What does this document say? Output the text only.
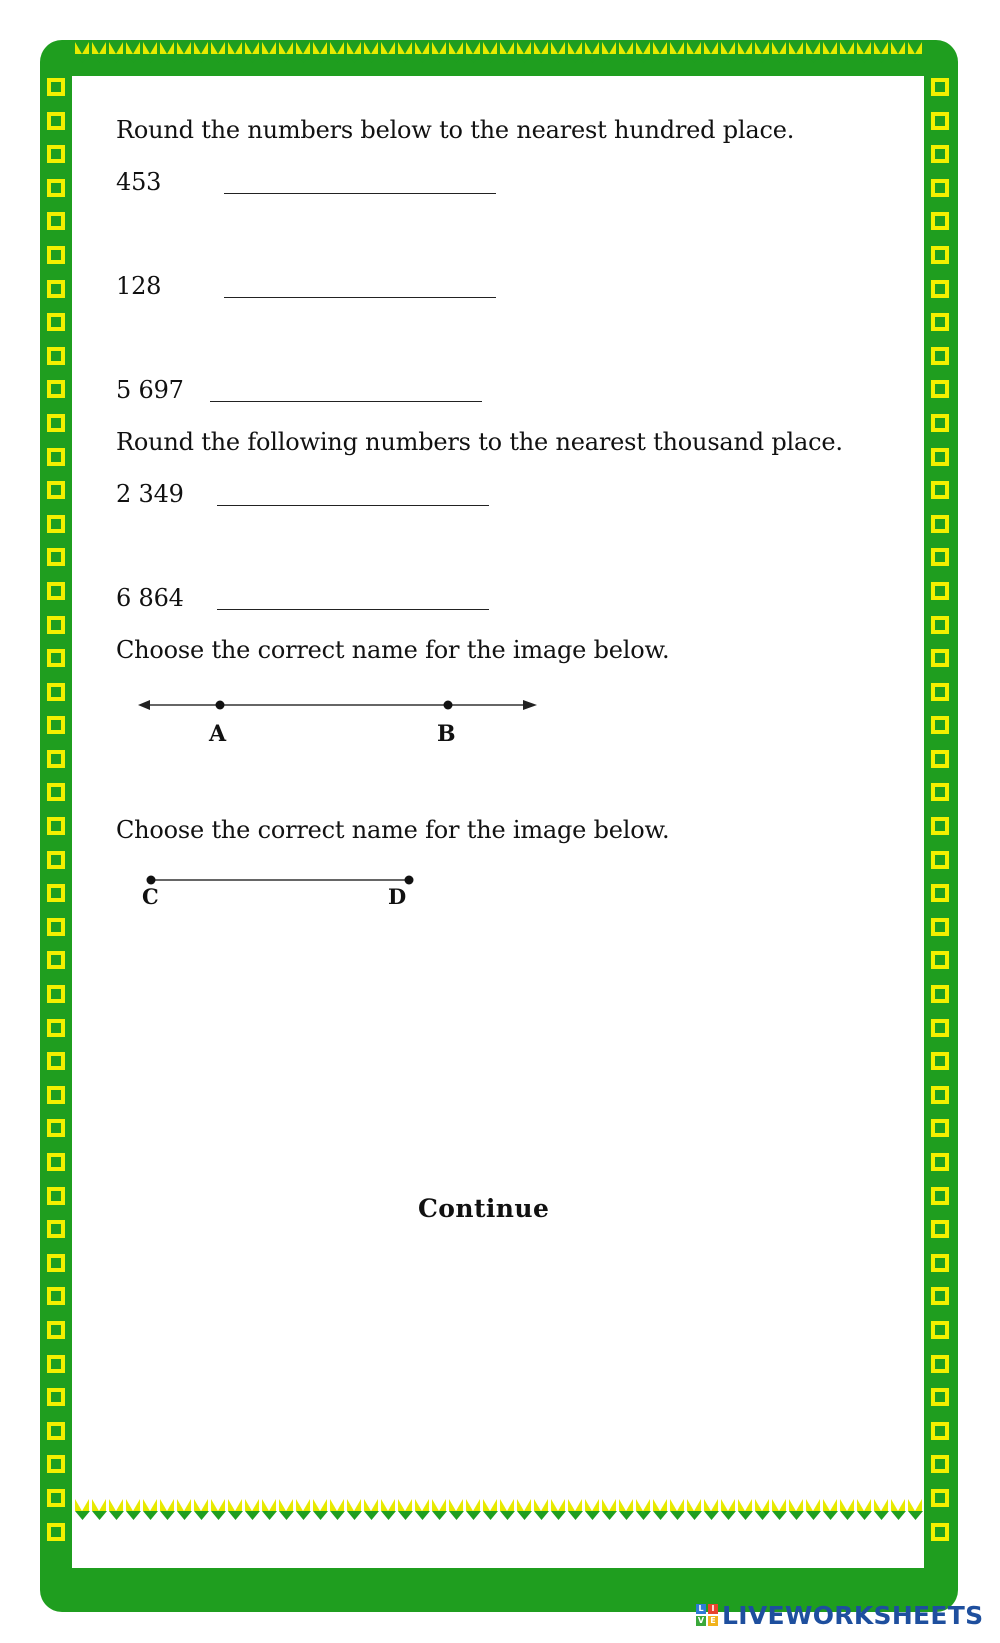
Round the numbers below to the nearest hundred place.
453
128
5 697
Round the following numbers to the nearest thousand place.
2 349
6 864
Choose the correct name for the image below.
A	B
Choose the correct name for the image below.
C	D
Continue
L I
V E LIVEWORKSHEETS
